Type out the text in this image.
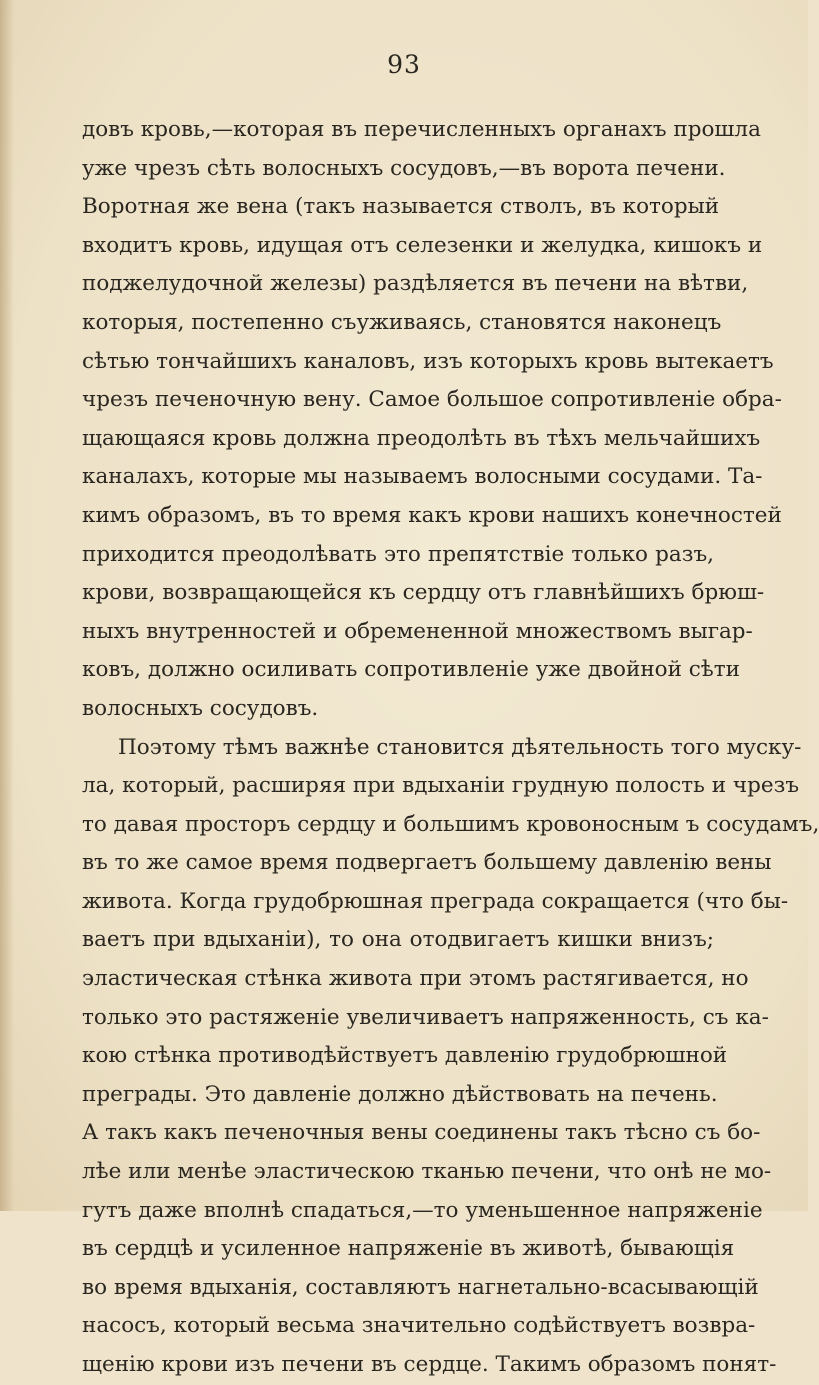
93
довъ кровь,—которая въ перечисленныхъ органахъ прошла
уже чрезъ сѣть волосныхъ сосудовъ,—въ ворота печени.
Воротная же вена (такъ называется стволъ, въ который
входитъ кровь, идущая отъ селезенки и желудка, кишокъ и
поджелудочной железы) раздѣляется въ печени на вѣтви,
которыя, постепенно съуживаясь, становятся наконецъ
сѣтью тончайшихъ каналовъ, изъ которыхъ кровь вытекаетъ
чрезъ печеночную вену. Самое большое сопротивленіе обра-
щающаяся кровь должна преодолѣть въ тѣхъ мельчайшихъ
каналахъ, которые мы называемъ волосными сосудами. Та-
кимъ образомъ, въ то время какъ крови нашихъ конечностей
приходится преодолѣвать это препятствіе только разъ,
крови, возвращающейся къ сердцу отъ главнѣйшихъ брюш-
ныхъ внутренностей и обремененной множествомъ выгар-
ковъ, должно осиливать сопротивленіе уже двойной сѣти
волосныхъ сосудовъ.
Поэтому тѣмъ важнѣе становится дѣятельность того муску-
ла, который, расширяя при вдыханіи грудную полость и чрезъ
то давая просторъ сердцу и большимъ кровоносным ъ сосудамъ,
въ то же самое время подвергаетъ большему давленію вены
живота. Когда грудобрюшная преграда сокращается (что бы-
ваетъ при вдыханіи), то она отодвигаетъ кишки внизъ;
эластическая стѣнка живота при этомъ растягивается, но
только это растяженіе увеличиваетъ напряженность, съ ка-
кою стѣнка противодѣйствуетъ давленію грудобрюшной
преграды. Это давленіе должно дѣйствовать на печень.
А такъ какъ печеночныя вены соединены такъ тѣсно съ бо-
лѣе или менѣе эластическою тканью печени, что онѣ не мо-
гутъ даже вполнѣ спадаться,—то уменьшенное напряженіе
въ сердцѣ и усиленное напряженіе въ животѣ, бывающія
во время вдыханія, составляютъ нагнетально-всасывающій
насосъ, который весьма значительно содѣйствуетъ возвра-
щенію крови изъ печени въ сердце. Такимъ образомъ понят-
